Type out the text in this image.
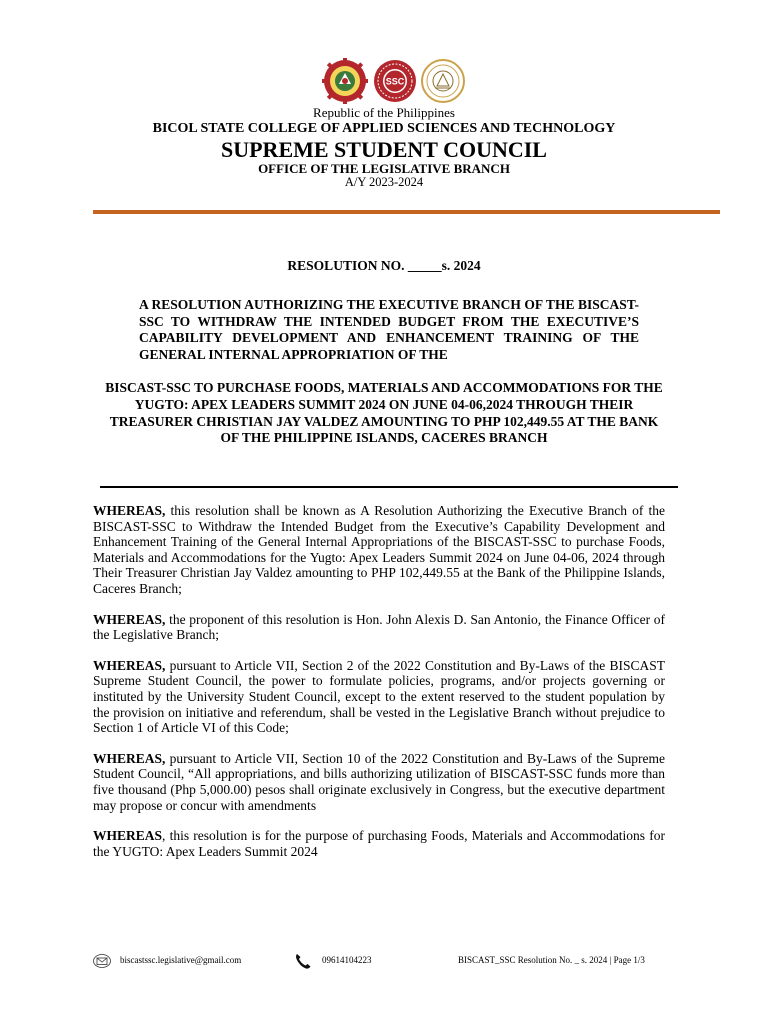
SSC
Republic of the Philippines
BICOL STATE COLLEGE OF APPLIED SCIENCES AND TECHNOLOGY
SUPREME STUDENT COUNCIL
OFFICE OF THE LEGISLATIVE BRANCH
A/Y 2023-2024
RESOLUTION NO. _____s. 2024
A RESOLUTION AUTHORIZING THE EXECUTIVE BRANCH OF THE BISCAST-SSC TO WITHDRAW THE INTENDED BUDGET FROM THE EXECUTIVE’S CAPABILITY DEVELOPMENT AND ENHANCEMENT TRAINING OF THE GENERAL INTERNAL APPROPRIATION OF THE
BISCAST-SSC TO PURCHASE FOODS, MATERIALS AND ACCOMMODATIONS FOR THE YUGTO: APEX LEADERS SUMMIT 2024 ON JUNE 04-06,2024 THROUGH THEIR TREASURER CHRISTIAN JAY VALDEZ AMOUNTING TO PHP 102,449.55 AT THE BANK OF THE PHILIPPINE ISLANDS, CACERES BRANCH

WHEREAS, this resolution shall be known as A Resolution Authorizing the Executive Branch of the BISCAST-SSC to Withdraw the Intended Budget from the Executive’s Capability Development and Enhancement Training of the General Internal Appropriations of the BISCAST-SSC to purchase Foods, Materials and Accommodations for the Yugto: Apex Leaders Summit 2024 on June 04-06, 2024 through Their Treasurer Christian Jay Valdez amounting to PHP 102,449.55 at the Bank of the Philippine Islands, Caceres Branch;

WHEREAS, the proponent of this resolution is Hon. John Alexis D. San Antonio, the Finance Officer of the Legislative Branch;

WHEREAS, pursuant to Article VII, Section 2 of the 2022 Constitution and By-Laws of the BISCAST Supreme Student Council, the power to formulate policies, programs, and/or projects governing or instituted by the University Student Council, except to the extent reserved to the student population by the provision on initiative and referendum, shall be vested in the Legislative Branch without prejudice to Section 1 of Article VI of this Code;

WHEREAS, pursuant to Article VII, Section 10 of the 2022 Constitution and By-Laws of the Supreme Student Council, “All appropriations, and bills authorizing utilization of BISCAST-SSC funds more than five thousand (Php 5,000.00) pesos shall originate exclusively in Congress, but the executive department may propose or concur with amendments

WHEREAS, this resolution is for the purpose of purchasing Foods, Materials and Accommodations for the YUGTO: Apex Leaders Summit 2024

biscastssc.legislative@gmail.com	09614104223	BISCAST_SSC Resolution No. _ s. 2024 | Page 1/3
